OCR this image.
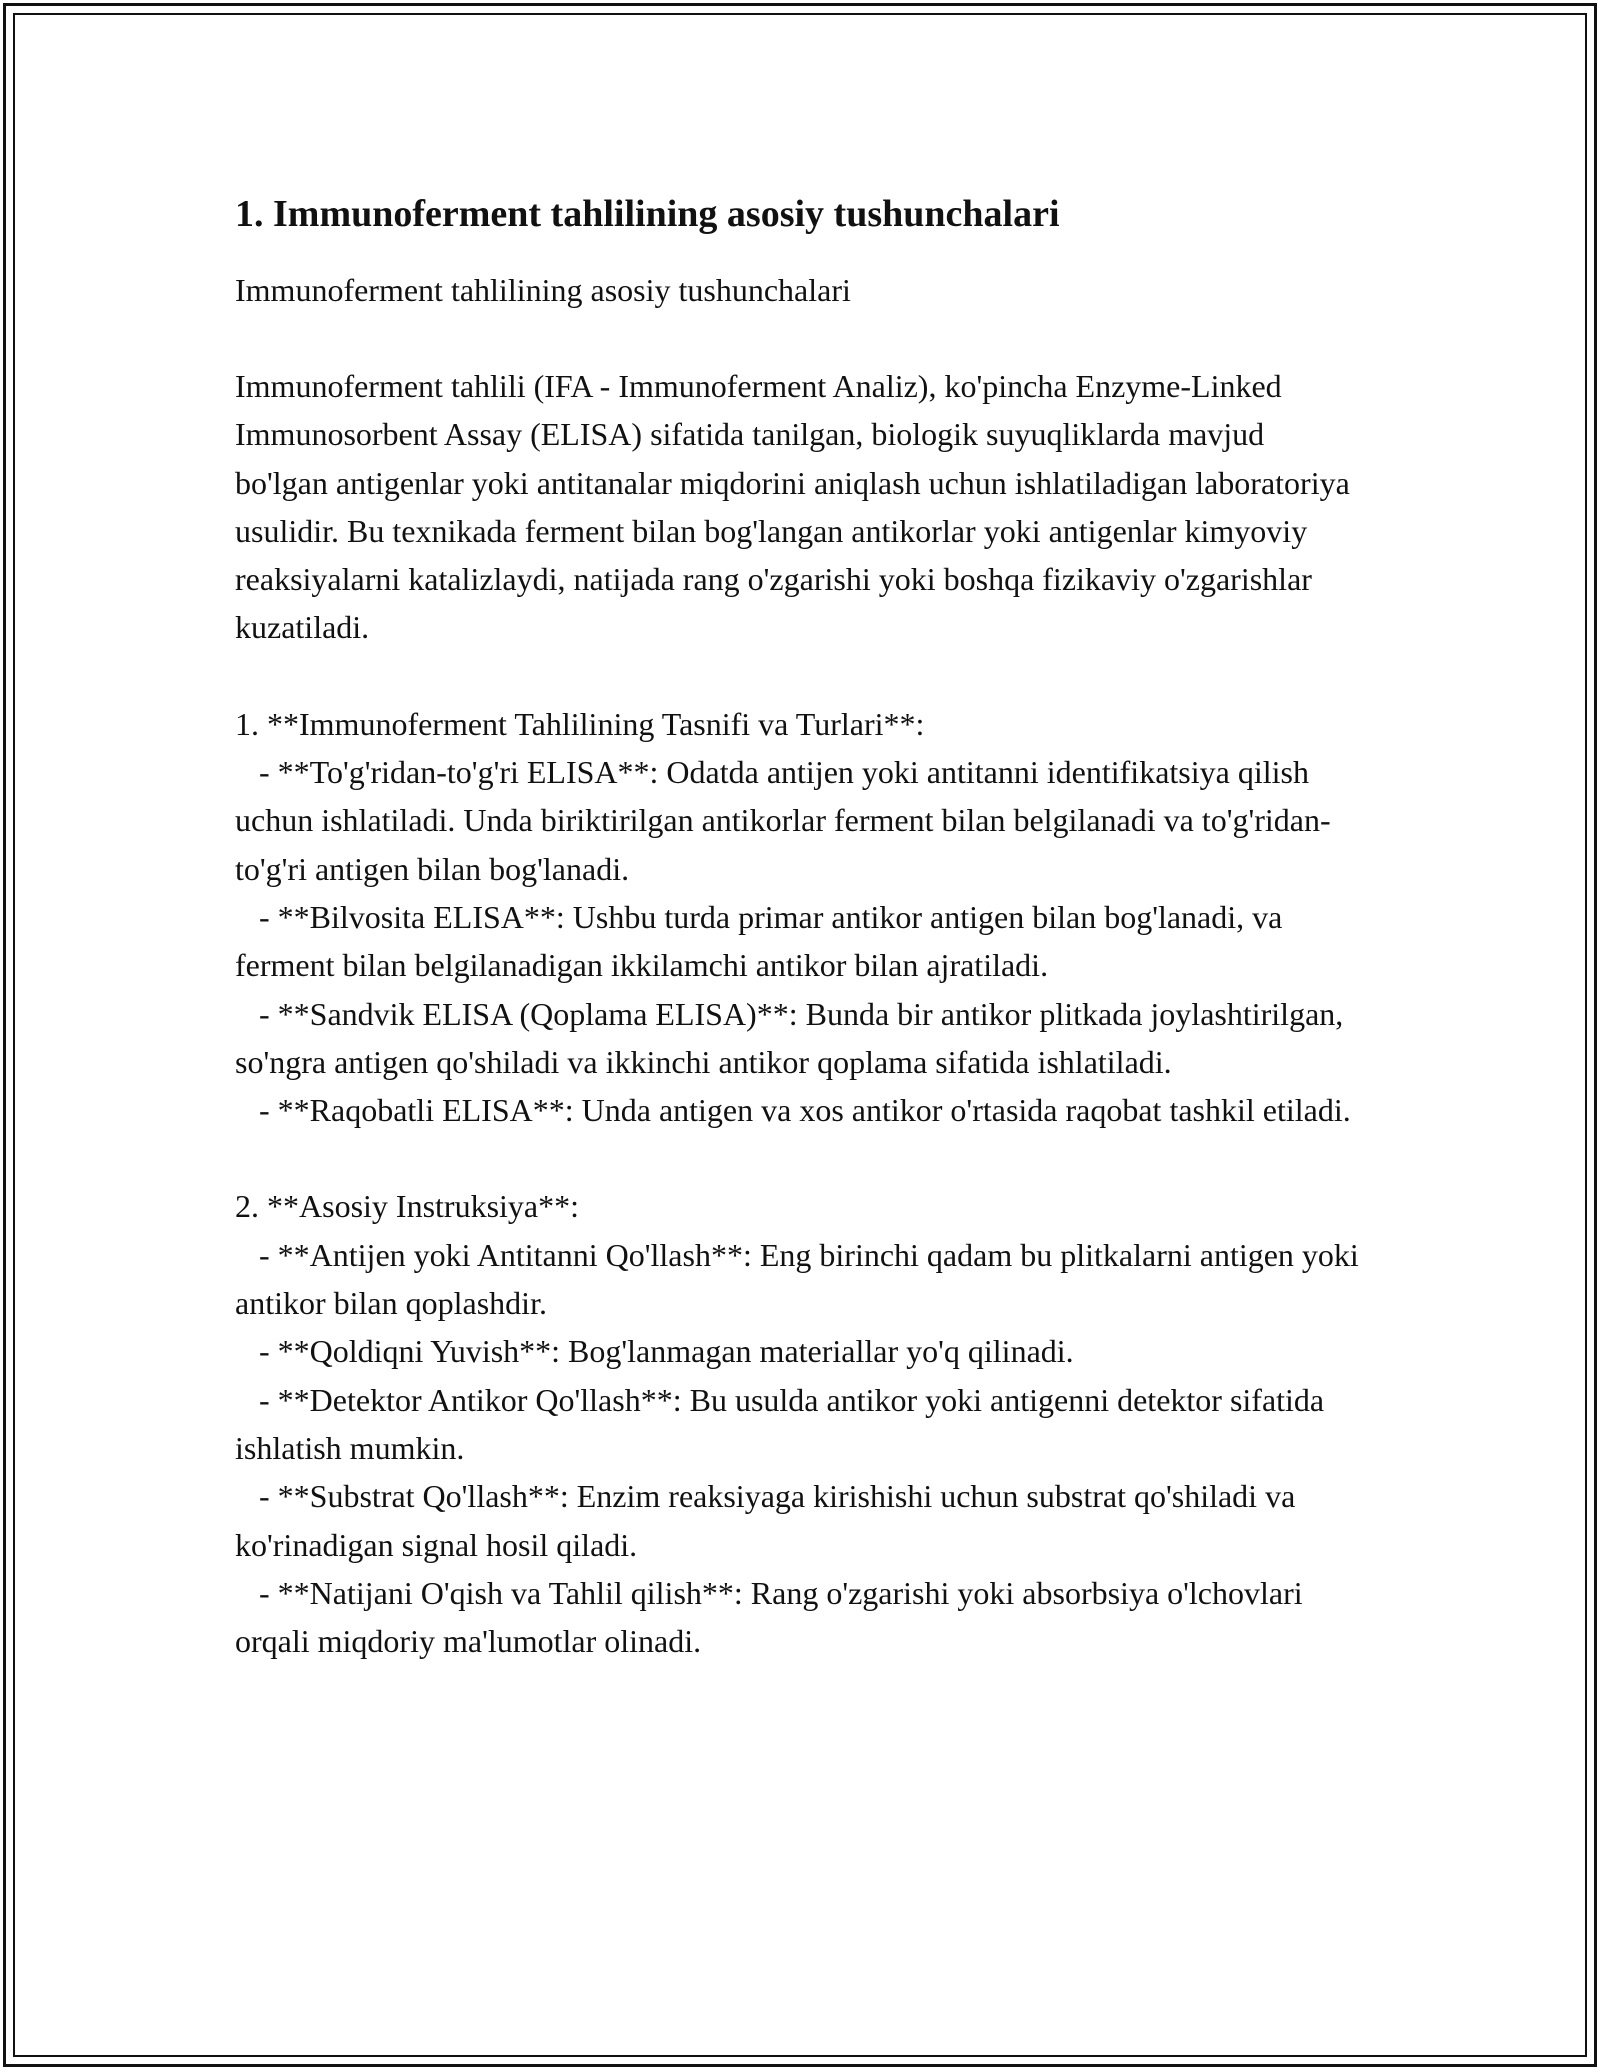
1. Immunoferment tahlilining asosiy tushunchalari
Immunoferment tahlilining asosiy tushunchalari
Immunoferment tahlili (IFA - Immunoferment Analiz), ko'pincha Enzyme-Linked Immunosorbent Assay (ELISA) sifatida tanilgan, biologik suyuqliklarda mavjud bo'lgan antigenlar yoki antitanalar miqdorini aniqlash uchun ishlatiladigan laboratoriya usulidir. Bu texnikada ferment bilan bog'langan antikorlar yoki antigenlar kimyoviy reaksiyalarni katalizlaydi, natijada rang o'zgarishi yoki boshqa fizikaviy o'zgarishlar kuzatiladi.
1. **Immunoferment Tahlilining Tasnifi va Turlari**:
- **To'g'ridan-to'g'ri ELISA**: Odatda antijen yoki antitanni identifikatsiya qilish uchun ishlatiladi. Unda biriktirilgan antikorlar ferment bilan belgilanadi va to'g'ridan-to'g'ri antigen bilan bog'lanadi.
- **Bilvosita ELISA**: Ushbu turda primar antikor antigen bilan bog'lanadi, va ferment bilan belgilanadigan ikkilamchi antikor bilan ajratiladi.
- **Sandvik ELISA (Qoplama ELISA)**: Bunda bir antikor plitkada joylashtirilgan, so'ngra antigen qo'shiladi va ikkinchi antikor qoplama sifatida ishlatiladi.
- **Raqobatli ELISA**: Unda antigen va xos antikor o'rtasida raqobat tashkil etiladi.
2. **Asosiy Instruksiya**:
- **Antijen yoki Antitanni Qo'llash**: Eng birinchi qadam bu plitkalarni antigen yoki antikor bilan qoplashdir.
- **Qoldiqni Yuvish**: Bog'lanmagan materiallar yo'q qilinadi.
- **Detektor Antikor Qo'llash**: Bu usulda antikor yoki antigenni detektor sifatida ishlatish mumkin.
- **Substrat Qo'llash**: Enzim reaksiyaga kirishishi uchun substrat qo'shiladi va ko'rinadigan signal hosil qiladi.
- **Natijani O'qish va Tahlil qilish**: Rang o'zgarishi yoki absorbsiya o'lchovlari orqali miqdoriy ma'lumotlar olinadi.
